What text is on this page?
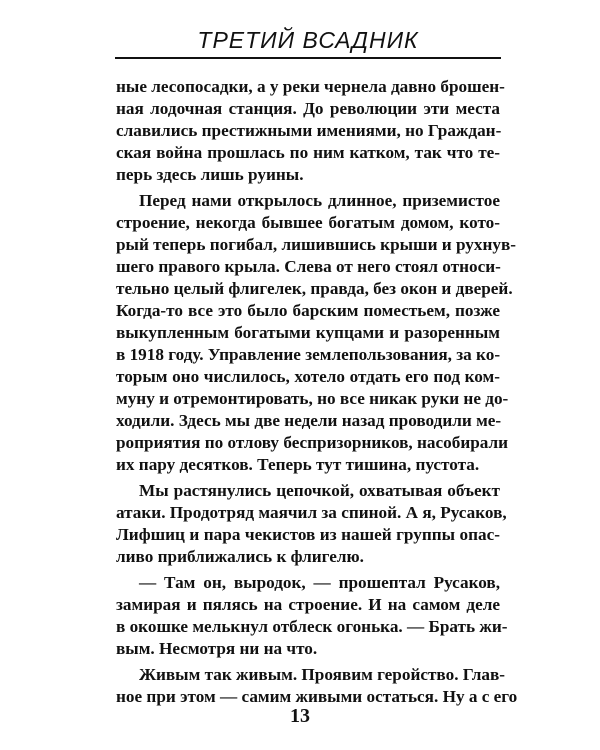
ТРЕТИЙ ВСАДНИК
ные лесопосадки, а у реки чернела давно брошен-
ная лодочная станция. До революции эти места
славились престижными имениями, но Граждан-
ская война прошлась по ним катком, так что те-
перь здесь лишь руины.
Перед нами открылось длинное, приземистое
строение, некогда бывшее богатым домом, кото-
рый теперь погибал, лишившись крыши и рухнув-
шего правого крыла. Слева от него стоял относи-
тельно целый флигелек, правда, без окон и дверей.
Когда-то все это было барским поместьем, позже
выкупленным богатыми купцами и разоренным
в 1918 году. Управление землепользования, за ко-
торым оно числилось, хотело отдать его под ком-
муну и отремонтировать, но все никак руки не до-
ходили. Здесь мы две недели назад проводили ме-
роприятия по отлову беспризорников, насобирали
их пару десятков. Теперь тут тишина, пустота.
Мы растянулись цепочкой, охватывая объект
атаки. Продотряд маячил за спиной. А я, Русаков,
Лифшиц и пара чекистов из нашей группы опас-
ливо приближались к флигелю.
— Там он, выродок, — прошептал Русаков,
замирая и пялясь на строение. И на самом деле
в окошке мелькнул отблеск огонька. — Брать жи-
вым. Несмотря ни на что.
Живым так живым. Проявим геройство. Глав-
ное при этом — самим живыми остаться. Ну а с его
13
